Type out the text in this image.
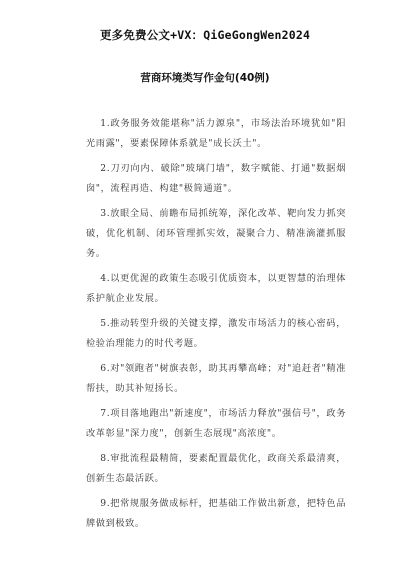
更多免费公文+VX：QiGeGongWen2024
营商环境类写作金句(40例)

1.政务服务效能堪称"活力源泉"，市场法治环境犹如"阳光雨露"，要素保障体系就是"成长沃土"。

2.刀刃向内、破除"玻璃门墙"，数字赋能、打通"数据烟囱"，流程再造、构建"极简通道"。

3.放眼全局、前瞻布局抓统筹，深化改革、靶向发力抓突破，优化机制、闭环管理抓实效，凝聚合力、精准滴灌抓服务。

4.以更优渥的政策生态吸引优质资本，以更智慧的治理体系护航企业发展。

5.推动转型升级的关键支撑，激发市场活力的核心密码，检验治理能力的时代考题。

6.对"领跑者"树旗表彰，助其再攀高峰；对"追赶者"精准帮扶，助其补短扬长。

7.项目落地跑出"新速度"，市场活力释放"强信号"，政务改革彰显"深力度"，创新生态展现"高浓度"。

8.审批流程最精简，要素配置最优化，政商关系最清爽，创新生态最活跃。

9.把常规服务做成标杆，把基础工作做出新意，把特色品牌做到极致。
